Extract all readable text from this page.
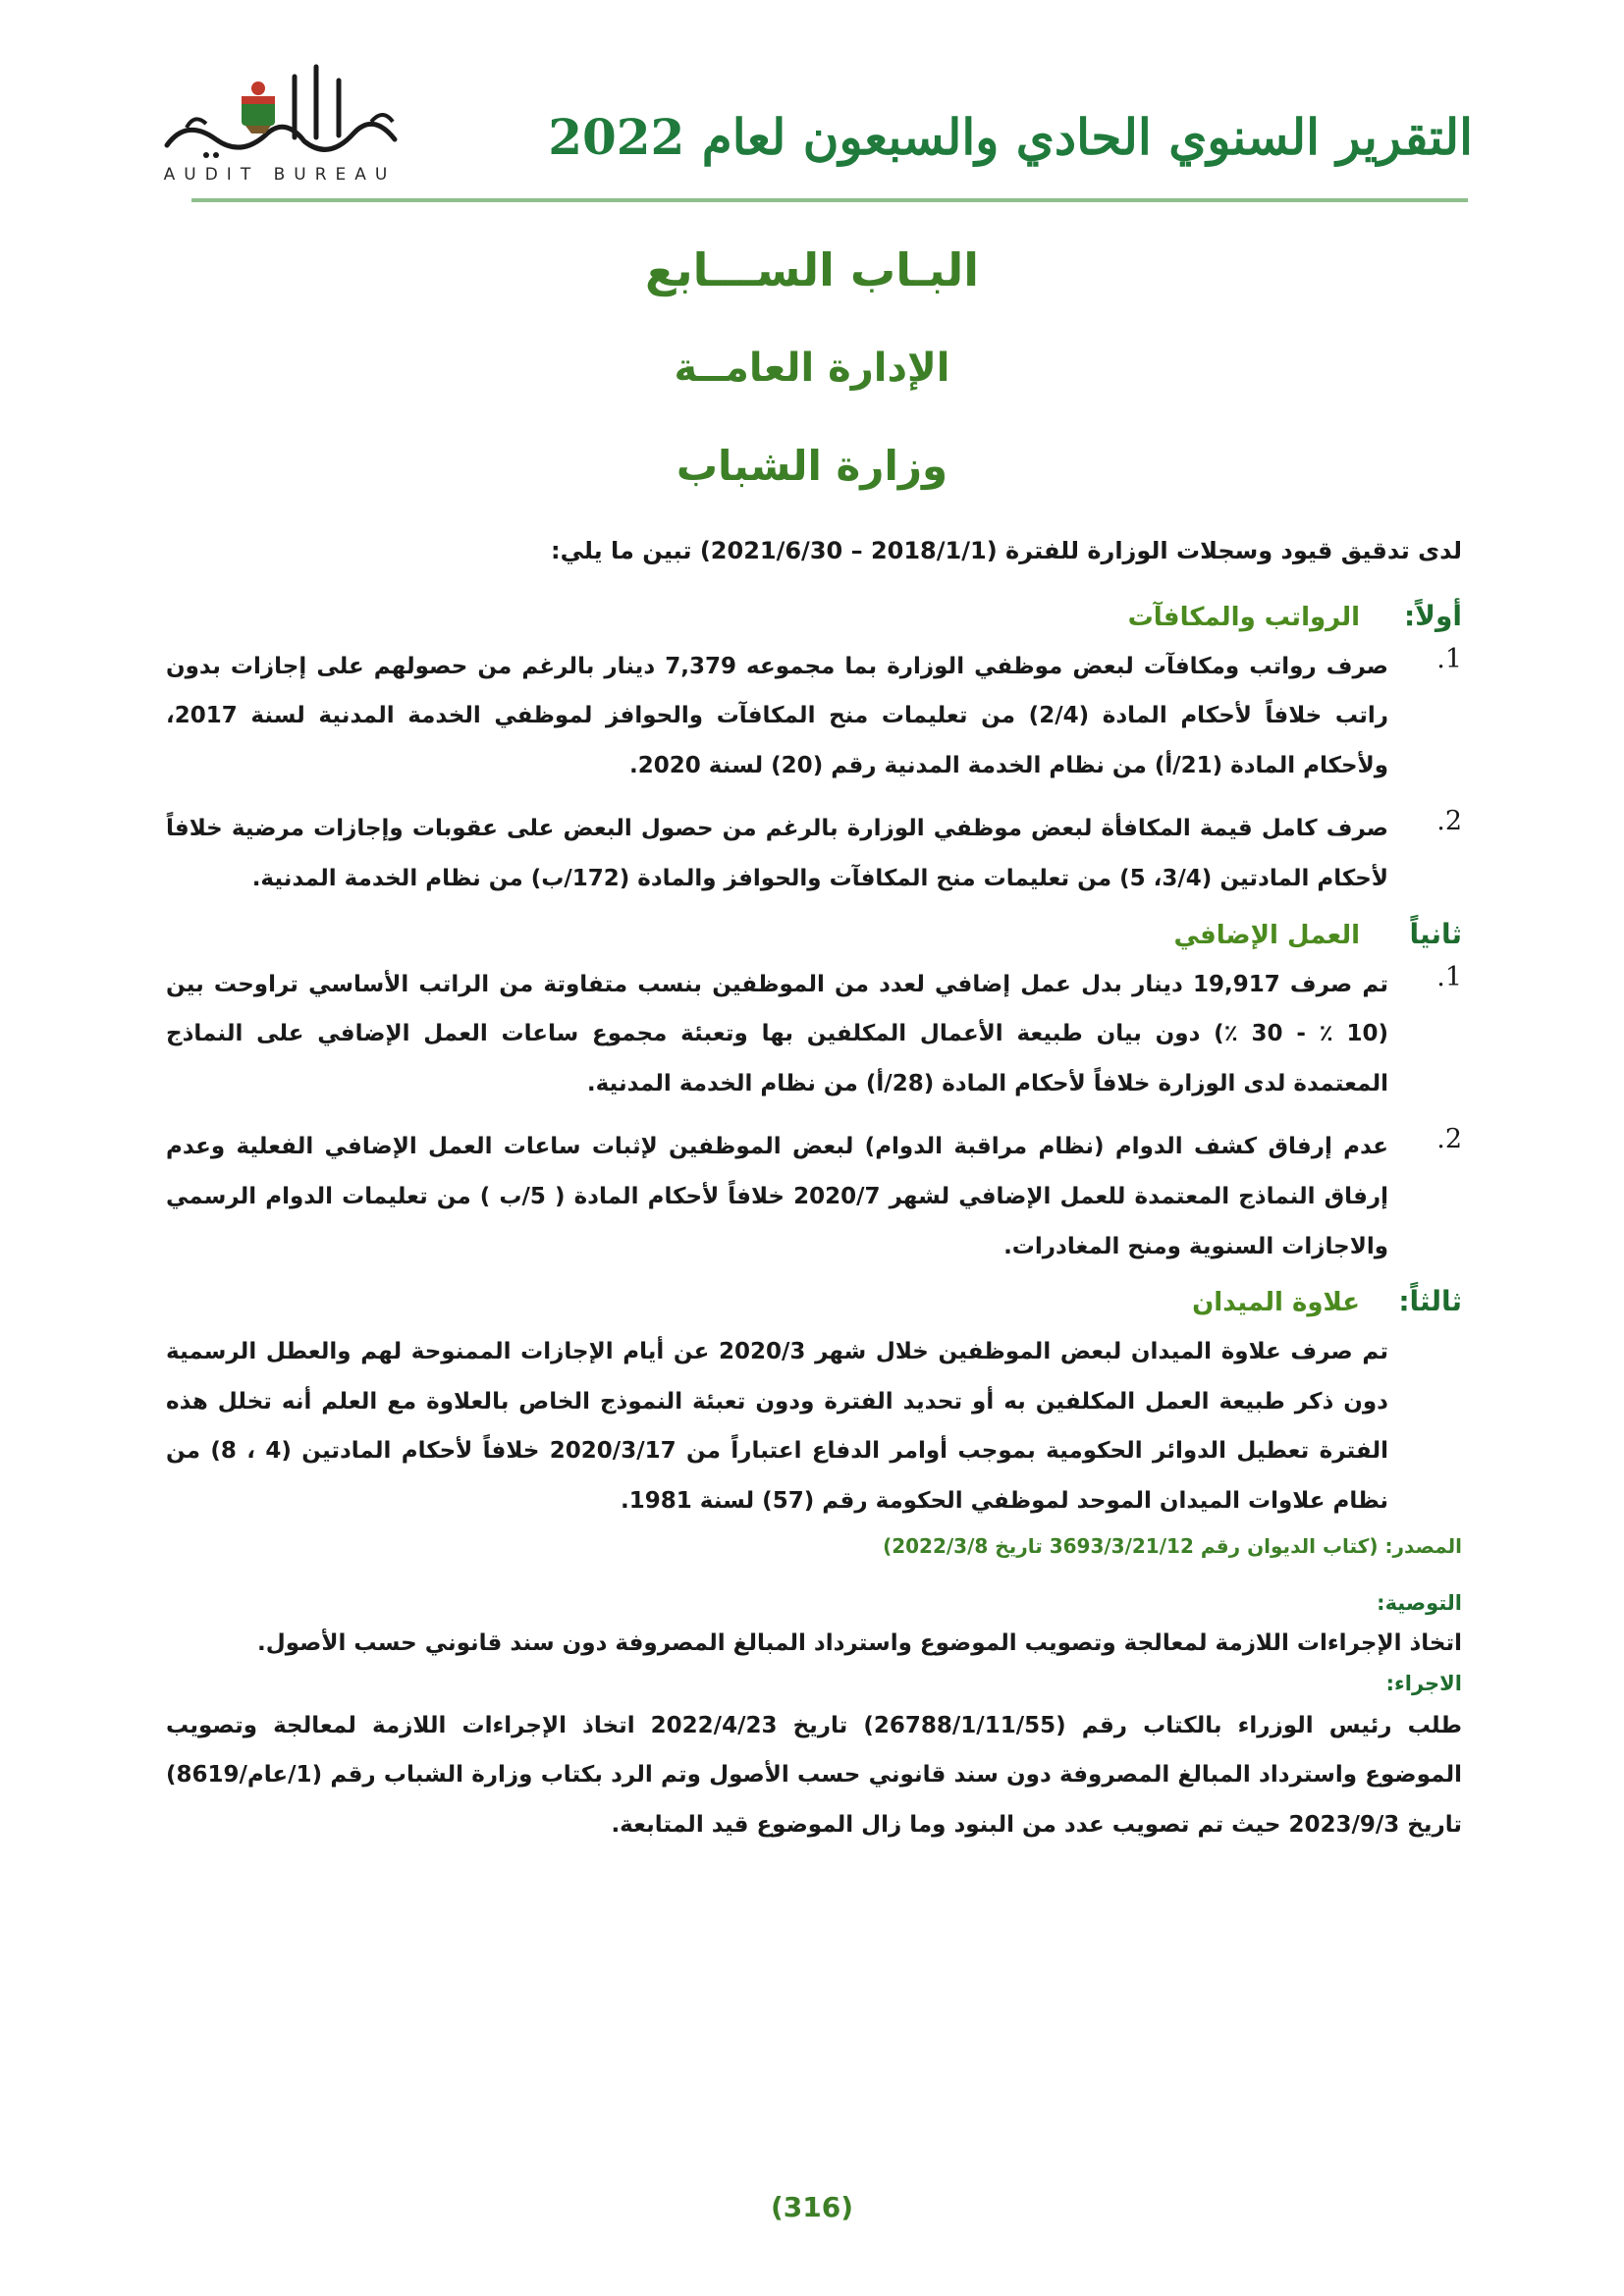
التقرير السنوي الحادي والسبعون لعام 2022
AUDIT BUREAU
البـاب الســـابع
الإدارة العامــة
وزارة الشباب

لدى تدقيق قيود وسجلات الوزارة للفترة (2018/1/1 – 2021/6/30) تبين ما يلي:

أولاً:
الرواتب والمكافآت
1.

صرف رواتب ومكافآت لبعض موظفي الوزارة بما مجموعه 7,379 دينار بالرغم من حصولهم على إجازات بدون راتب خلافاً لأحكام المادة (2/4) من تعليمات منح المكافآت والحوافز لموظفي الخدمة المدنية لسنة 2017، ولأحكام المادة (21/أ) من نظام الخدمة المدنية رقم (20) لسنة 2020.

2.

صرف كامل قيمة المكافأة لبعض موظفي الوزارة بالرغم من حصول البعض على عقوبات وإجازات مرضية خلافاً لأحكام المادتين (3/4، 5) من تعليمات منح المكافآت والحوافز والمادة (172/ب) من نظام الخدمة المدنية.

ثانياً
العمل الإضافي
1.

تم صرف 19,917 دينار بدل عمل إضافي لعدد من الموظفين بنسب متفاوتة من الراتب الأساسي تراوحت بين (10 ٪ - 30 ٪) دون بيان طبيعة الأعمال المكلفين بها وتعبئة مجموع ساعات العمل الإضافي على النماذج المعتمدة لدى الوزارة خلافاً لأحكام المادة (28/أ) من نظام الخدمة المدنية.

2.

عدم إرفاق كشف الدوام (نظام مراقبة الدوام) لبعض الموظفين لإثبات ساعات العمل الإضافي الفعلية وعدم إرفاق النماذج المعتمدة للعمل الإضافي لشهر 2020/7 خلافاً لأحكام المادة ( 5/ب ) من تعليمات الدوام الرسمي والاجازات السنوية ومنح المغادرات.

ثالثاً:
علاوة الميدان

تم صرف علاوة الميدان لبعض الموظفين خلال شهر 2020/3 عن أيام الإجازات الممنوحة لهم والعطل الرسمية دون ذكر طبيعة العمل المكلفين به أو تحديد الفترة ودون تعبئة النموذج الخاص بالعلاوة مع العلم أنه تخلل هذه الفترة تعطيل الدوائر الحكومية بموجب أوامر الدفاع اعتباراً من 2020/3/17 خلافاً لأحكام المادتين (4 ، 8) من نظام علاوات الميدان الموحد لموظفي الحكومة رقم (57) لسنة 1981.

المصدر: (كتاب الديوان رقم 3693/3/21/12 تاريخ 2022/3/8)

التوصية:

اتخاذ الإجراءات اللازمة لمعالجة وتصويب الموضوع واسترداد المبالغ المصروفة دون سند قانوني حسب الأصول.

الاجراء:

طلب رئيس الوزراء بالكتاب رقم (26788/1/11/55) تاريخ 2022/4/23 اتخاذ الإجراءات اللازمة لمعالجة وتصويب الموضوع واسترداد المبالغ المصروفة دون سند قانوني حسب الأصول وتم الرد بكتاب وزارة الشباب رقم (1/عام/8619) تاريخ 2023/9/3 حيث تم تصويب عدد من البنود وما زال الموضوع قيد المتابعة.

(316)
